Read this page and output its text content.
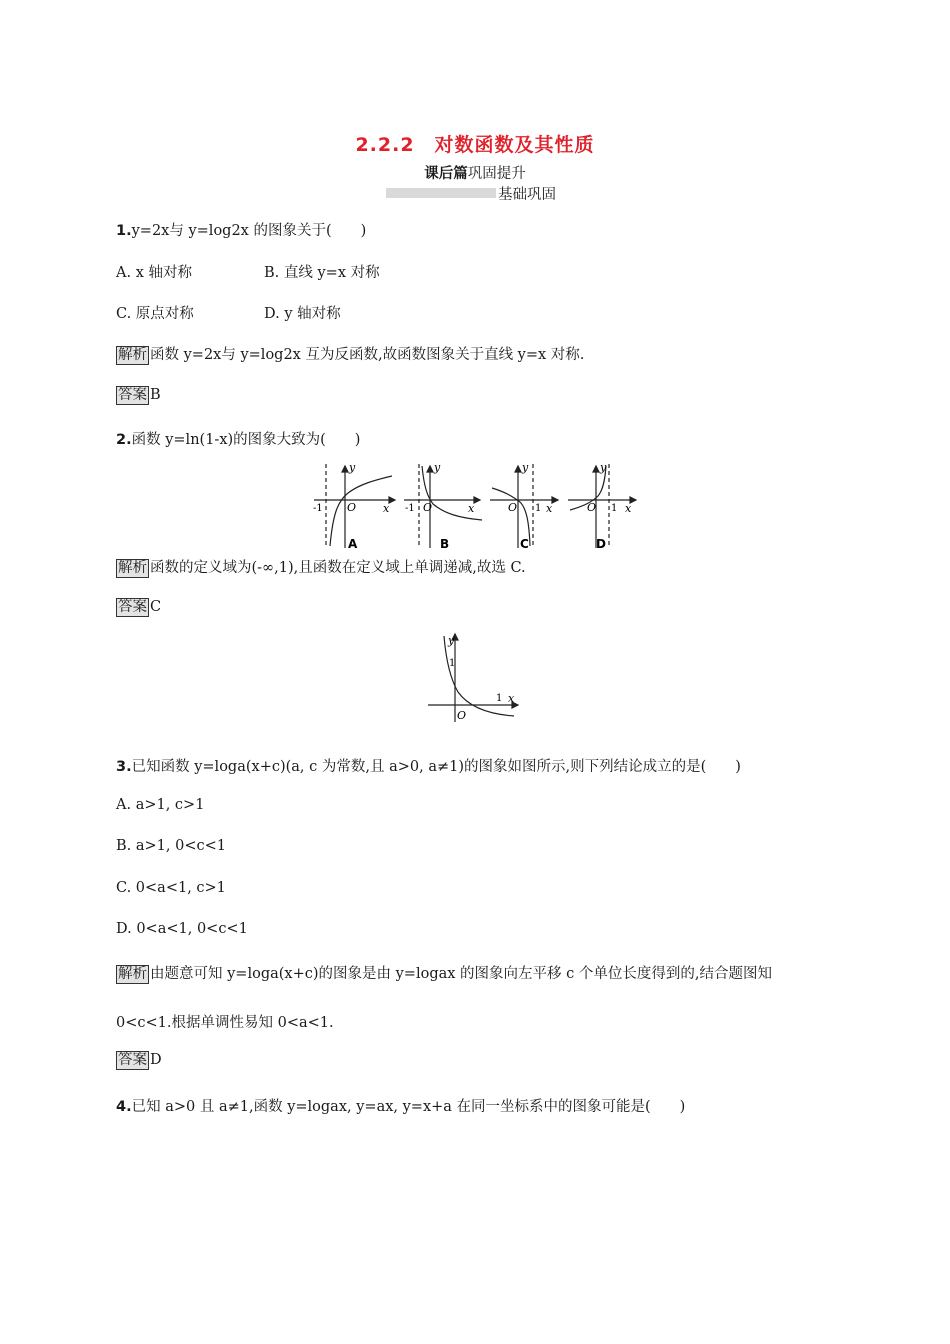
2.2.2　对数函数及其性质
课后篇巩固提升
基础巩固
1.y=2x与 y=log2x 的图象关于(　　)
A. x 轴对称	B. 直线 y=x 对称
C. 原点对称	D. y 轴对称
解析 函数 y=2x与 y=log2x 互为反函数,故函数图象关于直线 y=x 对称.
答案 B
2.函数 y=ln(1-x)的图象大致为(　　)
y
x
O
-1
A
y
x
O
-1
B
y
x
O 1
C
y
x
O 1
D
解析 函数的定义域为(-∞,1),且函数在定义域上单调递减,故选 C.
答案 C
y
x
O
1
1
3.已知函数 y=loga(x+c)(a, c 为常数,且 a>0, a≠1)的图象如图所示,则下列结论成立的是(　　)
A. a>1, c>1
B. a>1, 0<c<1
C. 0<a<1, c>1
D. 0<a<1, 0<c<1
解析 由题意可知 y=loga(x+c)的图象是由 y=logax 的图象向左平移 c 个单位长度得到的,结合题图知
0<c<1.根据单调性易知 0<a<1.
答案 D
4.已知 a>0 且 a≠1,函数 y=logax, y=ax, y=x+a 在同一坐标系中的图象可能是(　　)
